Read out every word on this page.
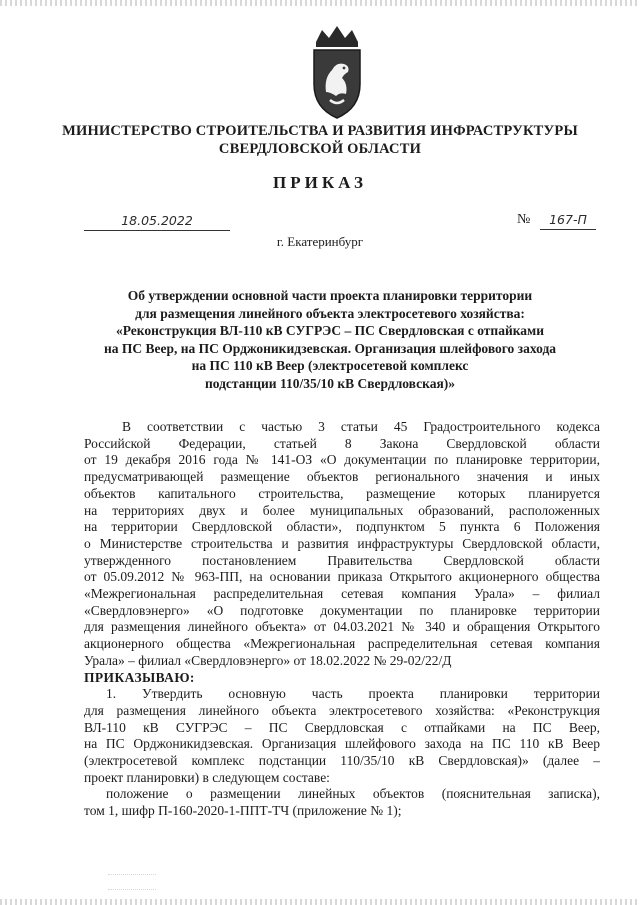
МИНИСТЕРСТВО СТРОИТЕЛЬСТВА И РАЗВИТИЯ ИНФРАСТРУКТУРЫ
СВЕРДЛОВСКОЙ ОБЛАСТИ
ПРИКАЗ
18.05.2022	№	167-П
г. Екатеринбург
Об утверждении основной части проекта планировки территории
для размещения линейного объекта электросетевого хозяйства:
«Реконструкция ВЛ-110 кВ СУГРЭС – ПС Свердловская с отпайками
на ПС Веер, на ПС Орджоникидзевская. Организация шлейфового захода
на ПС 110 кВ Веер (электросетевой комплекс
подстанции 110/35/10 кВ Свердловская)»
В соответствии с частью 3 статьи 45 Градостроительного кодекса
Российской Федерации, статьей 8 Закона Свердловской области
от 19 декабря 2016 года № 141-ОЗ «О документации по планировке территории,
предусматривающей размещение объектов регионального значения и иных
объектов капитального строительства, размещение которых планируется
на территориях двух и более муниципальных образований, расположенных
на территории Свердловской области», подпунктом 5 пункта 6 Положения
о Министерстве строительства и развития инфраструктуры Свердловской области,
утвержденного постановлением Правительства Свердловской области
от 05.09.2012 № 963-ПП, на основании приказа Открытого акционерного общества
«Межрегиональная распределительная сетевая компания Урала» – филиал
«Свердловэнерго» «О подготовке документации по планировке территории
для размещения линейного объекта» от 04.03.2021 № 340 и обращения Открытого
акционерного общества «Межрегиональная распределительная сетевая компания
Урала» – филиал «Свердловэнерго» от 18.02.2022 № 29-02/22/Д
ПРИКАЗЫВАЮ:
1. Утвердить основную часть проекта планировки территории
для размещения линейного объекта электросетевого хозяйства: «Реконструкция
ВЛ-110 кВ СУГРЭС – ПС Свердловская с отпайками на ПС Веер,
на ПС Орджоникидзевская. Организация шлейфового захода на ПС 110 кВ Веер
(электросетевой комплекс подстанции 110/35/10 кВ Свердловская)» (далее –
проект планировки) в следующем составе:
положение о размещении линейных объектов (пояснительная записка),
том 1, шифр П-160-2020-1-ППТ-ТЧ (приложение № 1);
